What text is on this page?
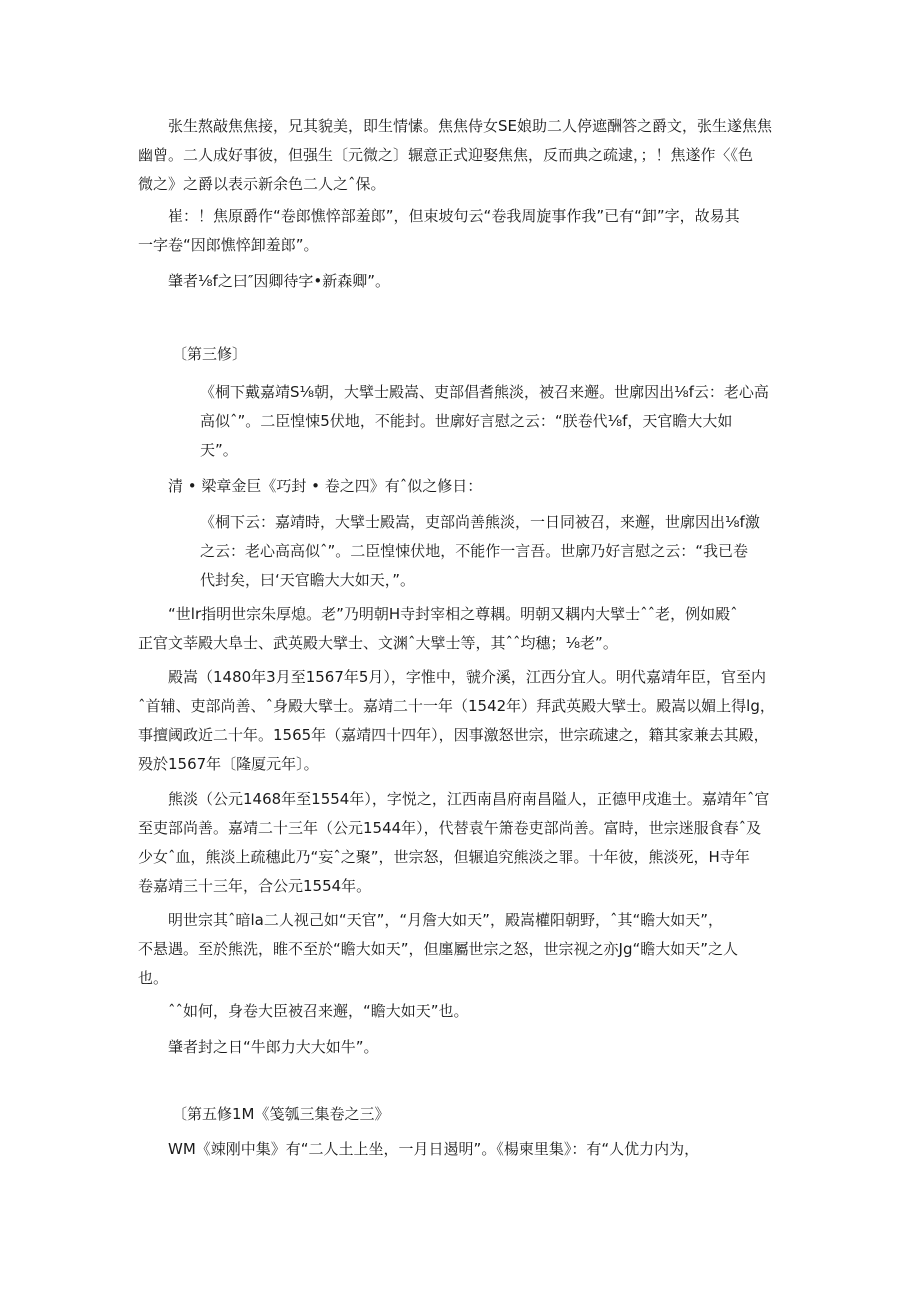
　　张生熬敲焦焦接，兄其貌美，即生情愫。焦焦侍女SE娘助二人停遮酬答之爵文，张生遂焦焦
幽曾。二人成好事彼，但强生〔元微之〕辗意正式迎娶焦焦，反而典之疏逮，；！焦遂作〈《色
微之》之爵以表示新余色二人之ˆ保。
　　崔：！焦原爵作“卷郎憔悴部羞郎”，但束坡句云“卷我周旋事作我”已有“卸”字，故易其
一字卷“因郎憔悴卸羞郎”。
　　肇者⅛f之曰″因卿待字•新森卿”。
〔第三修〕
《桐下戴嘉靖S⅛朝，大擘士殿嵩、吏部倡耆熊淡，被召来邂。世廓因出⅛f云：老心高
高似ˆ”。二臣惶悚5伏地，不能封。世廓好言慰之云：“朕卷代⅛f，天官瞻大大如
天”。
　　清 • 梁章金巨《巧封 • 卷之四》有ˆ似之修日：
《桐下云：嘉靖時，大擘士殿嵩，吏部尚善熊淡，一日同被召，来邂，世廓因出⅛f激
之云：老心高高似ˆ”。二臣惶悚伏地，不能作一言吾。世廓乃好言慰之云：“我已卷
代封矣，曰‘天官瞻大大如天，”。
　　“世lr指明世宗朱厚熄。老”乃明朝H寺封宰相之尊耦。明朝又耦内大擘士ˆˆ老，例如殿ˆ
正官文莘殿大阜士、武英殿大擘士、文渊ˆ大擘士等，其ˆˆ均穗；⅛老”。
　　殿嵩（1480年3月至1567年5月），字惟中，虢介溪，江西分宜人。明代嘉靖年臣，官至内
ˆ首辅、吏部尚善、ˆ身殿大擘士。嘉靖二十一年（1542年）拜武英殿大擘士。殿嵩以媚上得lg，
事擅阈政近二十年。1565年（嘉靖四十四年），因事激怒世宗，世宗疏逮之，籍其家兼去其殿，
殁於1567年〔隆厦元年〕。
　　熊淡（公元1468年至1554年），字悦之，江西南昌府南昌隘人，正德甲戌進士。嘉靖年ˆ官
至吏部尚善。嘉靖二十三年（公元1544年），代替袁午箫卷吏部尚善。富時，世宗迷服食春ˆ及
少女ˆ血，熊淡上疏穗此乃“妄ˆ之聚”，世宗怒，但辗追究熊淡之罪。十年彼，熊淡死，H寺年
卷嘉靖三十三年，合公元1554年。
　　明世宗其ˆ暗la二人视己如“天官”，“月詹大如天”，殿嵩權阳朝野，ˆ其“瞻大如天”，
不悬遇。至於熊洗，睢不至於“瞻大如天”，但廛屬世宗之怒，世宗视之亦Jg“瞻大如天”之人
也。
　　ˆˆ如何，身卷大臣被召来邂，“瞻大如天”也。
　　肇者封之日“牛郎力大大如牛”。
〔第五修1M《笺瓠三集卷之三》
　　WM《竦刚中集》有“二人土上坐，一月日遏明”。《楊柬里集》：有“人优力内为，
